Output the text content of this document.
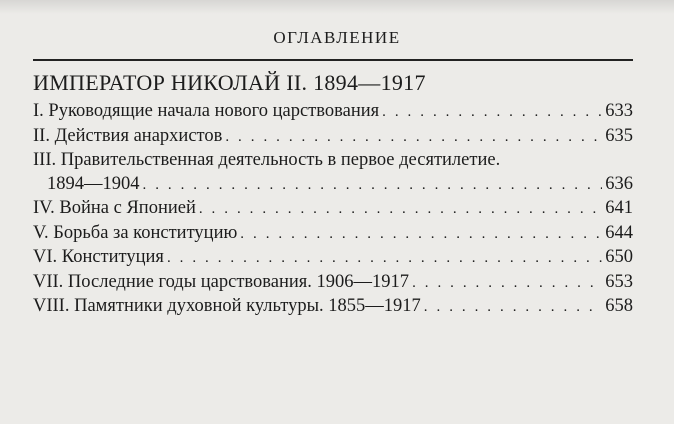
ОГЛАВЛЕНИЕ
ИМПЕРАТОР НИКОЛАЙ II. 1894—1917
I. Руководящие начала нового царствования . . .	633
II. Действия анархистов . . .	635
III. Правительственная деятельность в первое десятилетие.
1894—1904 . . .	636
IV. Война с Японией . . .	641
V. Борьба за конституцию . . .	644
VI. Конституция . . .	650
VII. Последние годы царствования. 1906—1917 . . .	653
VIII. Памятники духовной культуры. 1855—1917 . . .	658
